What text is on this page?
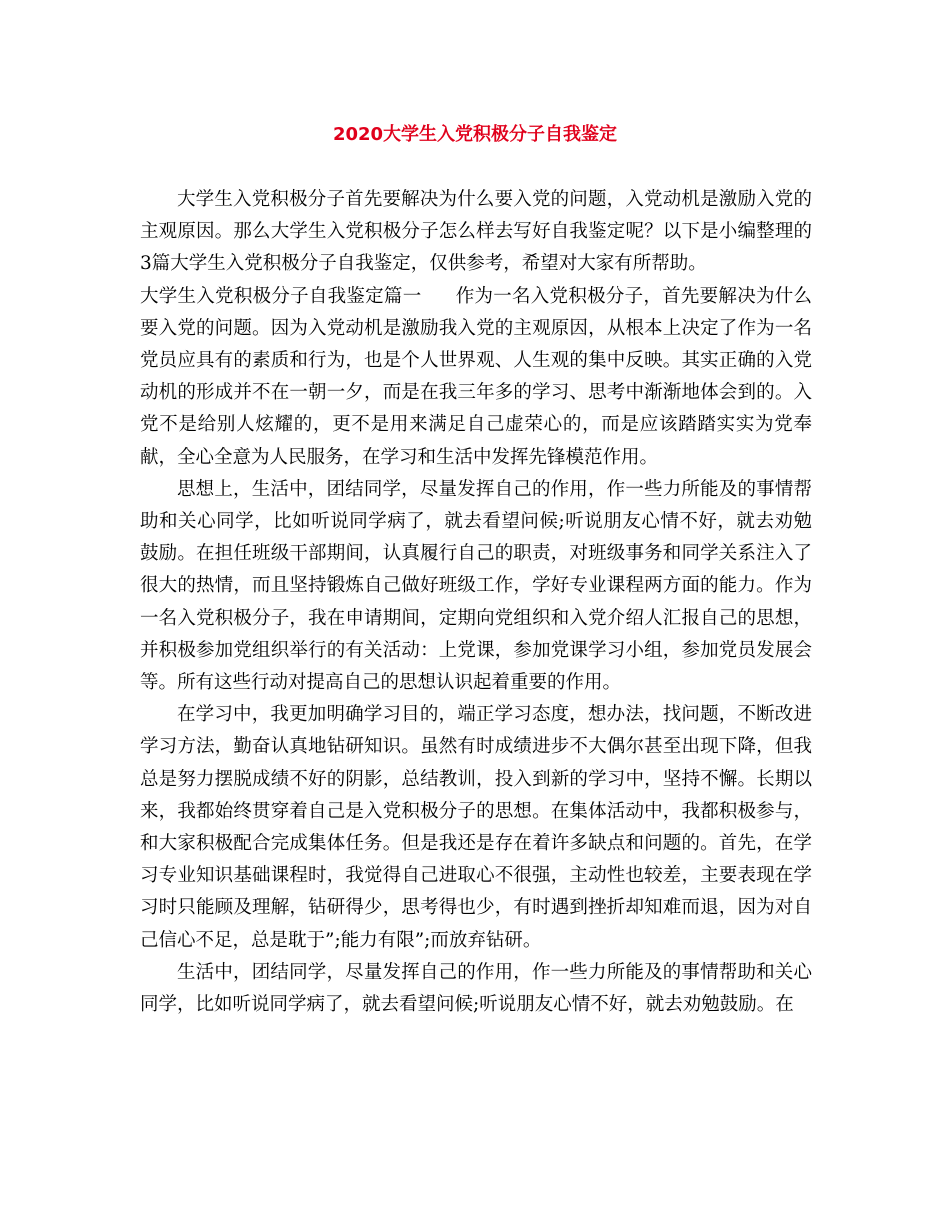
2020大学生入党积极分子自我鉴定

大学生入党积极分子首先要解决为什么要入党的问题，入党动机是激励入党的主观原因。那么大学生入党积极分子怎么样去写好自我鉴定呢？以下是小编整理的3篇大学生入党积极分子自我鉴定，仅供参考，希望对大家有所帮助。

大学生入党积极分子自我鉴定篇一 作为一名入党积极分子，首先要解决为什么要入党的问题。因为入党动机是激励我入党的主观原因，从根本上决定了作为一名党员应具有的素质和行为，也是个人世界观、人生观的集中反映。其实正确的入党动机的形成并不在一朝一夕，而是在我三年多的学习、思考中渐渐地体会到的。入党不是给别人炫耀的，更不是用来满足自己虚荣心的，而是应该踏踏实实为党奉献，全心全意为人民服务，在学习和生活中发挥先锋模范作用。

思想上，生活中，团结同学，尽量发挥自己的作用，作一些力所能及的事情帮助和关心同学，比如听说同学病了，就去看望问候;听说朋友心情不好，就去劝勉鼓励。在担任班级干部期间，认真履行自己的职责，对班级事务和同学关系注入了很大的热情，而且坚持锻炼自己做好班级工作，学好专业课程两方面的能力。作为一名入党积极分子，我在申请期间，定期向党组织和入党介绍人汇报自己的思想，并积极参加党组织举行的有关活动：上党课，参加党课学习小组，参加党员发展会等。所有这些行动对提高自己的思想认识起着重要的作用。

在学习中，我更加明确学习目的，端正学习态度，想办法，找问题，不断改进学习方法，勤奋认真地钻研知识。虽然有时成绩进步不大偶尔甚至出现下降，但我总是努力摆脱成绩不好的阴影，总结教训，投入到新的学习中，坚持不懈。长期以来，我都始终贯穿着自己是入党积极分子的思想。在集体活动中，我都积极参与，和大家积极配合完成集体任务。但是我还是存在着许多缺点和问题的。首先，在学习专业知识基础课程时，我觉得自己进取心不很强，主动性也较差，主要表现在学习时只能顾及理解，钻研得少，思考得也少，有时遇到挫折却知难而退，因为对自己信心不足，总是耽于”;能力有限”;而放弃钻研。

生活中，团结同学，尽量发挥自己的作用，作一些力所能及的事情帮助和关心同学，比如听说同学病了，就去看望问候;听说朋友心情不好，就去劝勉鼓励。在
